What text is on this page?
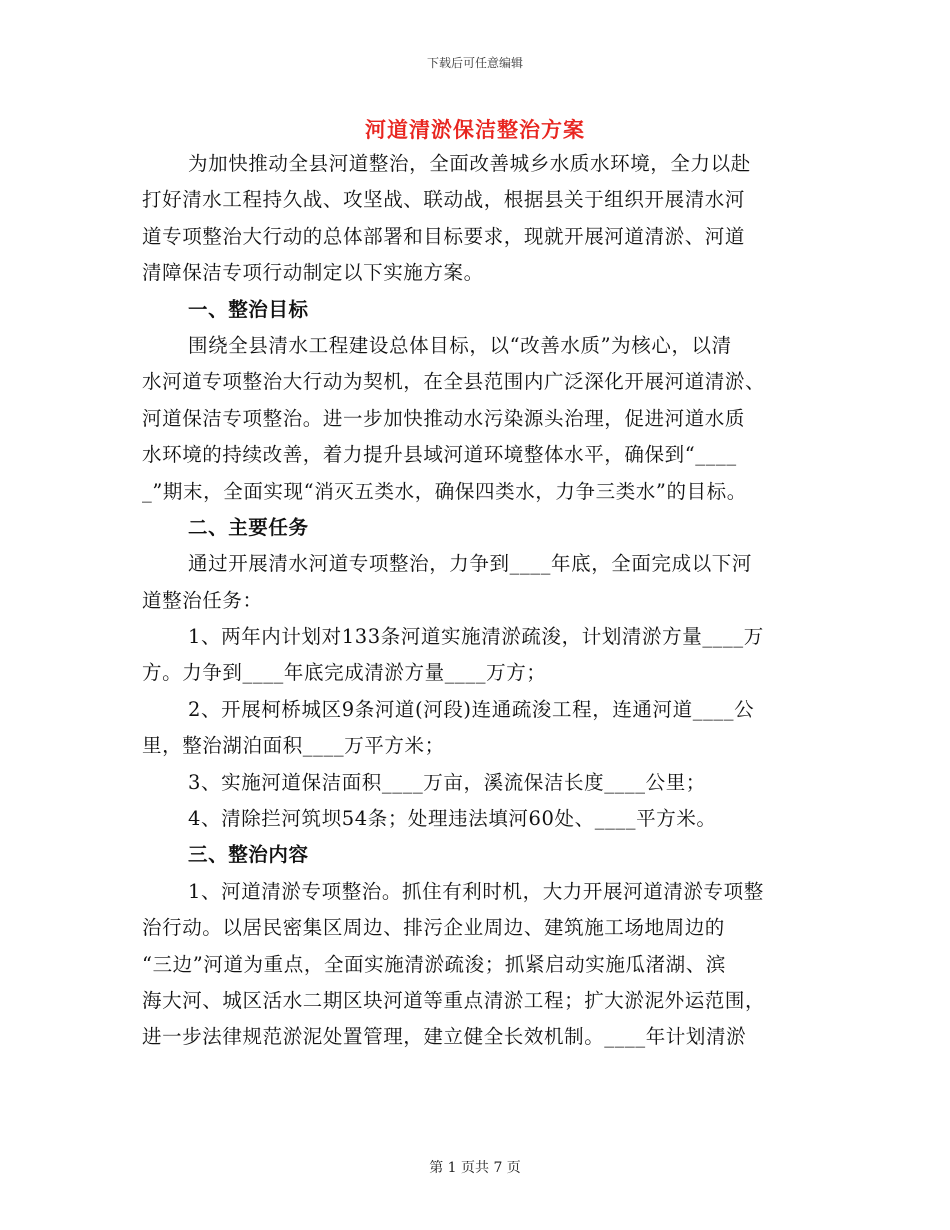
下载后可任意编辑
河道清淤保洁整治方案
为加快推动全县河道整治，全面改善城乡水质水环境，全力以赴
打好清水工程持久战、攻坚战、联动战，根据县关于组织开展清水河
道专项整治大行动的总体部署和目标要求，现就开展河道清淤、河道
清障保洁专项行动制定以下实施方案。
一、整治目标
围绕全县清水工程建设总体目标，以“改善水质”为核心，以清
水河道专项整治大行动为契机，在全县范围内广泛深化开展河道清淤、
河道保洁专项整治。进一步加快推动水污染源头治理，促进河道水质
水环境的持续改善，着力提升县域河道环境整体水平，确保到“____
_”期末，全面实现“消灭五类水，确保四类水，力争三类水”的目标。
二、主要任务
通过开展清水河道专项整治，力争到____年底，全面完成以下河
道整治任务：
1、两年内计划对133条河道实施清淤疏浚，计划清淤方量____万
方。力争到____年底完成清淤方量____万方；
2、开展柯桥城区9条河道(河段)连通疏浚工程，连通河道____公
里，整治湖泊面积____万平方米；
3、实施河道保洁面积____万亩，溪流保洁长度____公里；
4、清除拦河筑坝54条；处理违法填河60处、____平方米。
三、整治内容
1、河道清淤专项整治。抓住有利时机，大力开展河道清淤专项整
治行动。以居民密集区周边、排污企业周边、建筑施工场地周边的
“三边”河道为重点，全面实施清淤疏浚；抓紧启动实施瓜渚湖、滨
海大河、城区活水二期区块河道等重点清淤工程；扩大淤泥外运范围，
进一步法律规范淤泥处置管理，建立健全长效机制。____年计划清淤
第 1 页共 7 页
